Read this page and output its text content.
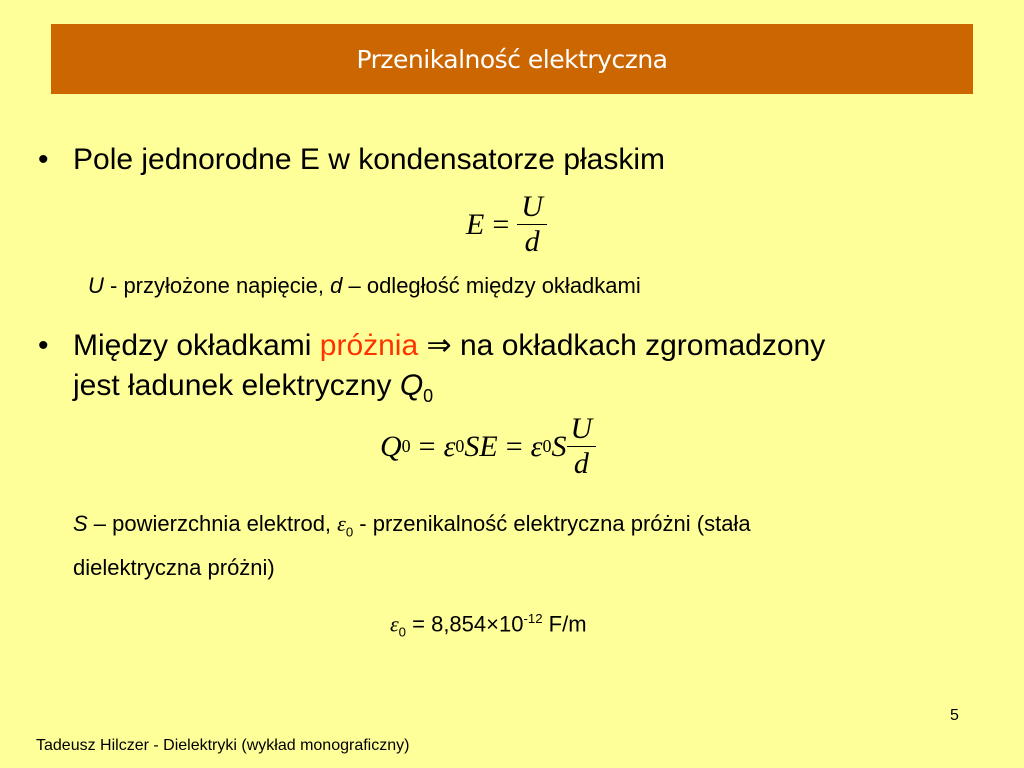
Przenikalność elektryczna
• Pole jednorodne E w kondensatorze płaskim
$E = \frac{U}{d}$
U - przyłożone napięcie, d – odległość między okładkami
• Między okładkami próżnia ⇒ na okładkach zgromadzony
jest ładunek elektryczny $Q_0$
Q 0 = ε 0 SE = ε 0 S $\frac{U}{d}$
S – powierzchnia elektrod, $\varepsilon_0$ - przenikalność elektryczna próżni (stała
dielektryczna próżni)
$\varepsilon_0 = 8,854\times 10^{-12}$ F/m
5
Tadeusz Hilczer - Dielektryki (wykład monograficzny)
